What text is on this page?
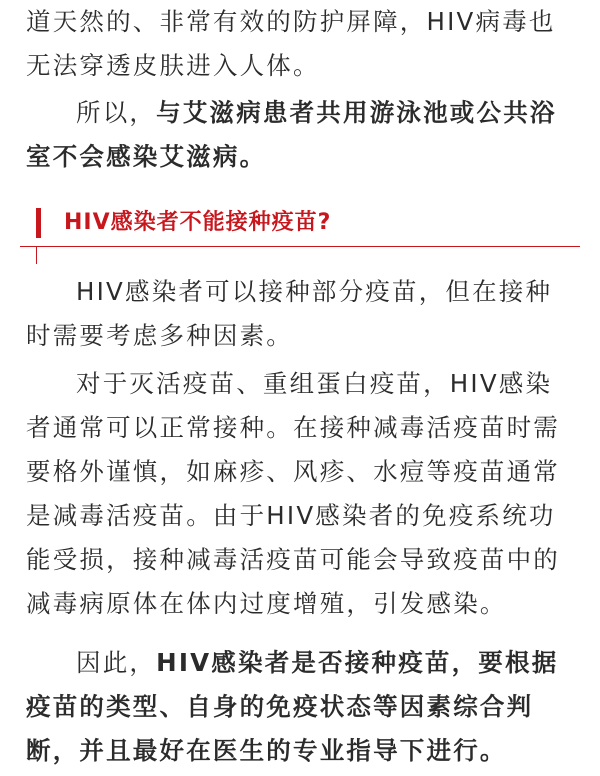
道天然的、非常有效的防护屏障，HIV病毒也无法穿透皮肤进入人体。

所以，与艾滋病患者共用游泳池或公共浴室不会感染艾滋病。

HIV感染者不能接种疫苗?

HIV感染者可以接种部分疫苗，但在接种时需要考虑多种因素。

对于灭活疫苗、重组蛋白疫苗，HIV感染者通常可以正常接种。在接种减毒活疫苗时需要格外谨慎，如麻疹、风疹、水痘等疫苗通常是减毒活疫苗。由于HIV感染者的免疫系统功能受损，接种减毒活疫苗可能会导致疫苗中的减毒病原体在体内过度增殖，引发感染。

因此，HIV感染者是否接种疫苗，要根据疫苗的类型、自身的免疫状态等因素综合判断，并且最好在医生的专业指导下进行。
